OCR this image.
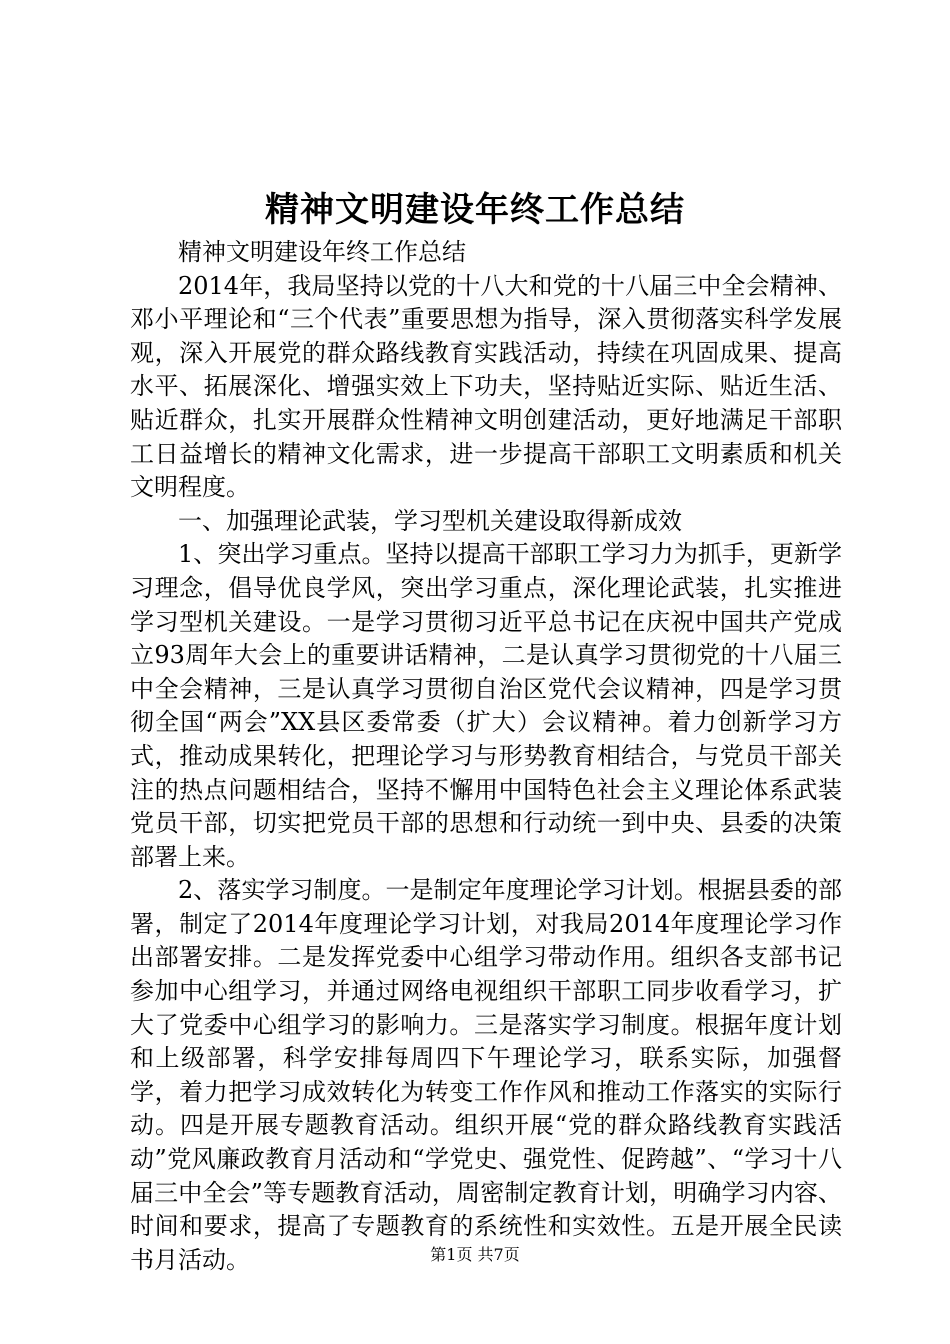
精神文明建设年终工作总结

精神文明建设年终工作总结

2014年，我局坚持以党的十八大和党的十八届三中全会精神、邓小平理论和“三个代表”重要思想为指导，深入贯彻落实科学发展观，深入开展党的群众路线教育实践活动，持续在巩固成果、提高水平、拓展深化、增强实效上下功夫，坚持贴近实际、贴近生活、贴近群众，扎实开展群众性精神文明创建活动，更好地满足干部职工日益增长的精神文化需求，进一步提高干部职工文明素质和机关文明程度。

一、加强理论武装，学习型机关建设取得新成效

1、突出学习重点。坚持以提高干部职工学习力为抓手，更新学习理念，倡导优良学风，突出学习重点，深化理论武装，扎实推进学习型机关建设。一是学习贯彻习近平总书记在庆祝中国共产党成立93周年大会上的重要讲话精神，二是认真学习贯彻党的十八届三中全会精神，三是认真学习贯彻自治区党代会议精神，四是学习贯彻全国“两会”XX县区委常委（扩大）会议精神。着力创新学习方式，推动成果转化，把理论学习与形势教育相结合，与党员干部关注的热点问题相结合，坚持不懈用中国特色社会主义理论体系武装党员干部，切实把党员干部的思想和行动统一到中央、县委的决策部署上来。

2、落实学习制度。一是制定年度理论学习计划。根据县委的部署，制定了2014年度理论学习计划，对我局2014年度理论学习作出部署安排。二是发挥党委中心组学习带动作用。组织各支部书记参加中心组学习，并通过网络电视组织干部职工同步收看学习，扩大了党委中心组学习的影响力。三是落实学习制度。根据年度计划和上级部署，科学安排每周四下午理论学习，联系实际，加强督学，着力把学习成效转化为转变工作作风和推动工作落实的实际行动。四是开展专题教育活动。组织开展“党的群众路线教育实践活动”党风廉政教育月活动和“学党史、强党性、促跨越”、“学习十八届三中全会”等专题教育活动，周密制定教育计划，明确学习内容、时间和要求，提高了专题教育的系统性和实效性。五是开展全民读书月活动。	第1页 共7页
